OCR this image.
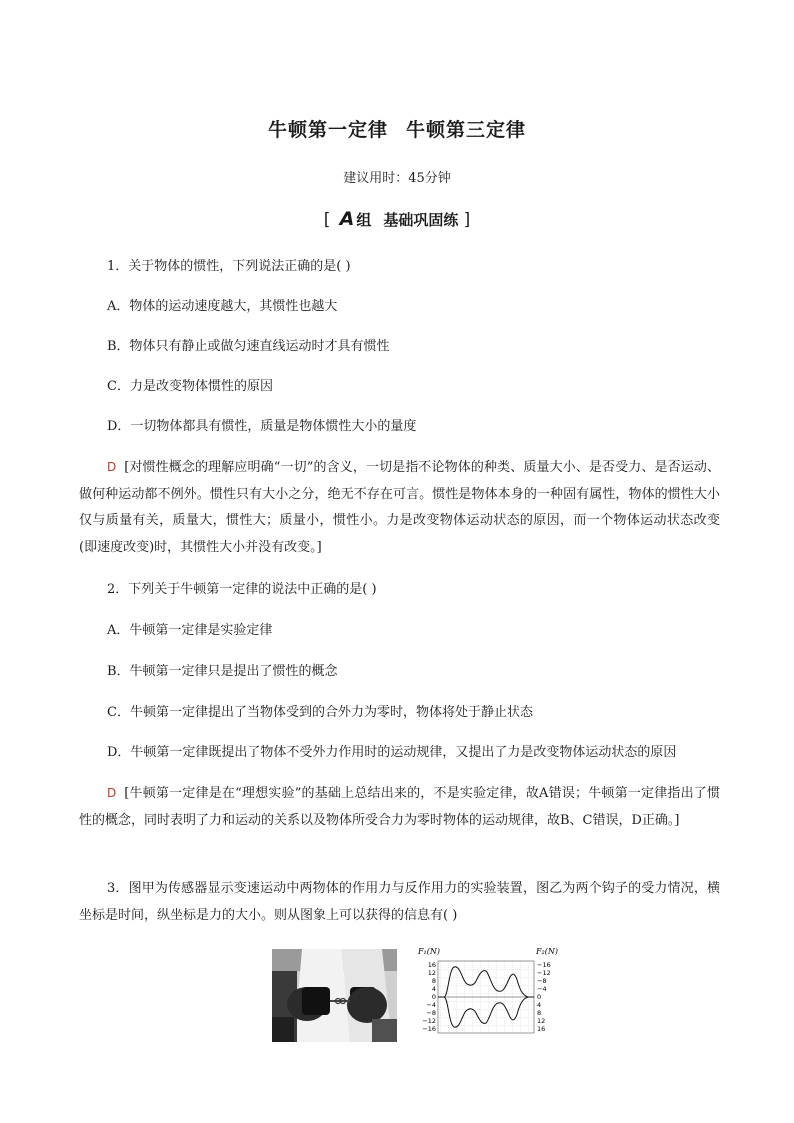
牛顿第一定律 牛顿第三定律
建议用时：45分钟
[ A 组 基础巩固练 ]
1．关于物体的惯性，下列说法正确的是( )
A．物体的运动速度越大，其惯性也越大
B．物体只有静止或做匀速直线运动时才具有惯性
C．力是改变物体惯性的原因
D．一切物体都具有惯性，质量是物体惯性大小的量度
D [对惯性概念的理解应明确“一切”的含义，一切是指不论物体的种类、质量大小、是否受力、是否运动、做何种运动都不例外。惯性只有大小之分，绝无不存在可言。惯性是物体本身的一种固有属性，物体的惯性大小仅与质量有关，质量大，惯性大；质量小，惯性小。力是改变物体运动状态的原因，而一个物体运动状态改变(即速度改变)时，其惯性大小并没有改变。]
2．下列关于牛顿第一定律的说法中正确的是( )
A．牛顿第一定律是实验定律
B．牛顿第一定律只是提出了惯性的概念
C．牛顿第一定律提出了当物体受到的合外力为零时，物体将处于静止状态
D．牛顿第一定律既提出了物体不受外力作用时的运动规律，又提出了力是改变物体运动状态的原因
D [牛顿第一定律是在“理想实验”的基础上总结出来的，不是实验定律，故A错误；牛顿第一定律指出了惯性的概念，同时表明了力和运动的关系以及物体所受合力为零时物体的运动规律，故B、C错误，D正确。]
3．图甲为传感器显示变速运动中两物体的作用力与反作用力的实验装置，图乙为两个钩子的受力情况，横坐标是时间，纵坐标是力的大小。则从图象上可以获得的信息有( )
F₁(N)	F₂(N)
16
12
8
4
0
−4
−8
−12
−16
−16
−12
−8
−4
0
4
8
12
16
